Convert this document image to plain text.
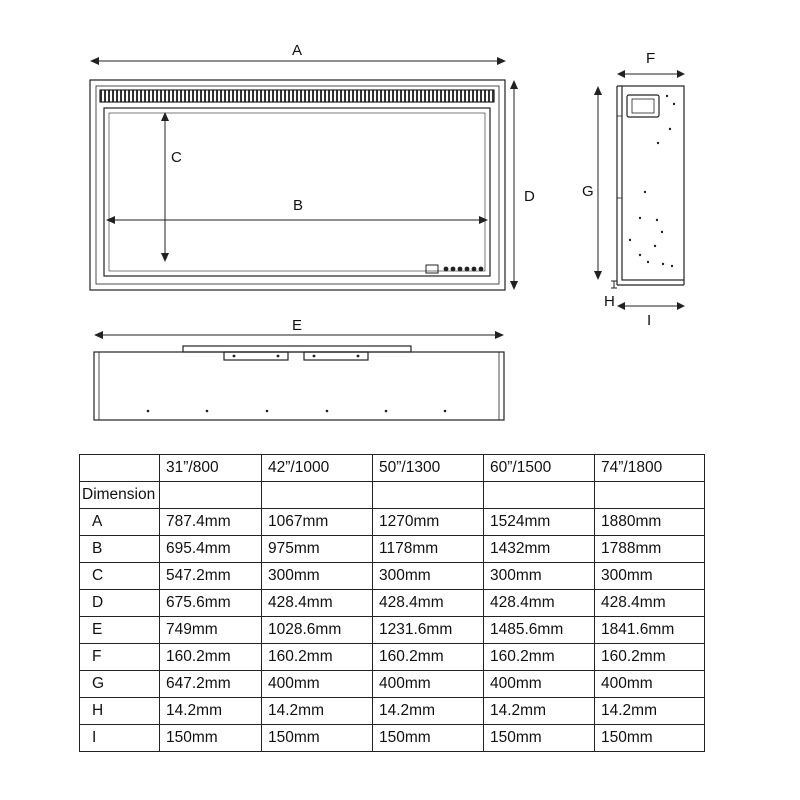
A
B
C
D
F
G
H
I
E
	31”/800	42”/1000	50”/1300	60”/1500	74”/1800
Dimension					
A	787.4mm	1067mm	1270mm	1524mm	1880mm
B	695.4mm	975mm	1178mm	1432mm	1788mm
C	547.2mm	300mm	300mm	300mm	300mm
D	675.6mm	428.4mm	428.4mm	428.4mm	428.4mm
E	749mm	1028.6mm	1231.6mm	1485.6mm	1841.6mm
F	160.2mm	160.2mm	160.2mm	160.2mm	160.2mm
G	647.2mm	400mm	400mm	400mm	400mm
H	14.2mm	14.2mm	14.2mm	14.2mm	14.2mm
I	150mm	150mm	150mm	150mm	150mm
